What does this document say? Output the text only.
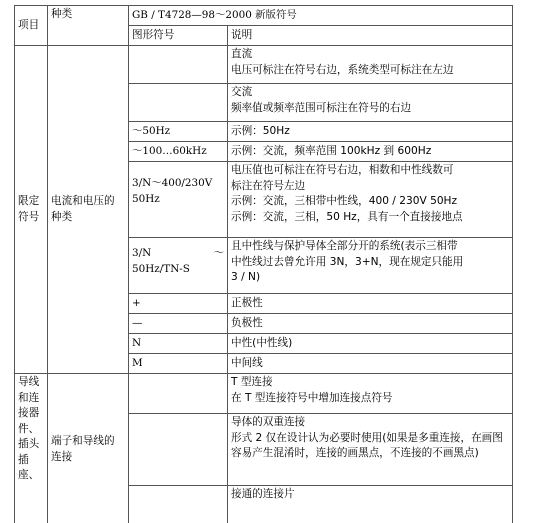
项目	种类	GB / T4728—98～2000 新版符号	
		图形符号	说明

限定符号	电流和电压的种类		直流
电压可标注在符号右边，系统类型可标注在左边

			交流
频率值或频率范围可标注在符号的右边

		～50Hz	示例：50Hz

		～100…60kHz	示例：交流，频率范围 100kHz 到 600Hz

		3/N～400/230V
50Hz	电压值也可标注在符号右边，相数和中性线数可
标注在符号左边
示例：交流，三相带中性线，400 / 230V 50Hz
示例：交流，三相，50 Hz，具有一个直接接地点

		3/N ～
50Hz/TN-S	且中性线与保护导体全部分开的系统(表示三相带
中性线过去曾允许用 3N，3+N，现在规定只能用
3 / N)

		+	正极性

		—	负极性

		N	中性(中性线)

		M	中间线

导线和连接器件、插头插座、	端子和导线的连接		T 型连接
在 T 型连接符号中增加连接点符号

			导体的双重连接
形式 2 仅在设计认为必要时使用(如果是多重连接，在画图容易产生混淆时，连接的画黑点，不连接的不画黑点)

			接通的连接片
